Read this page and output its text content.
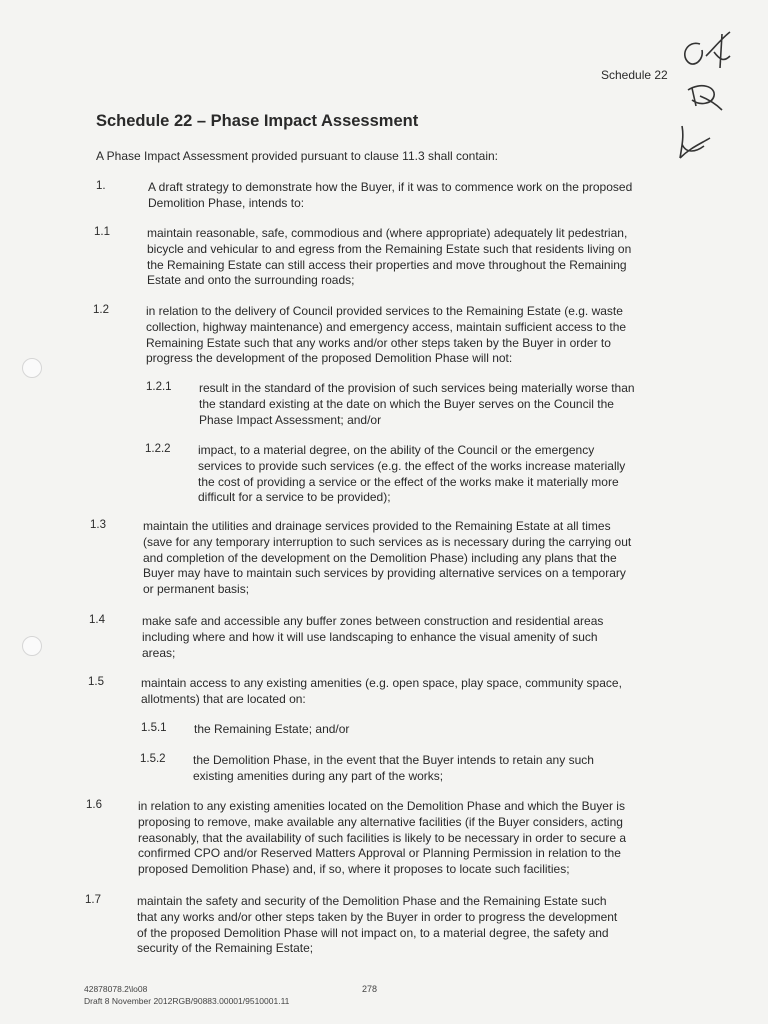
Schedule 22
Schedule 22 – Phase Impact Assessment
A Phase Impact Assessment provided pursuant to clause 11.3 shall contain:
1.	A draft strategy to demonstrate how the Buyer, if it was to commence work on the proposed
Demolition Phase, intends to:
1.1	maintain reasonable, safe, commodious and (where appropriate) adequately lit pedestrian,
bicycle and vehicular to and egress from the Remaining Estate such that residents living on
the Remaining Estate can still access their properties and move throughout the Remaining
Estate and onto the surrounding roads;
1.2	in relation to the delivery of Council provided services to the Remaining Estate (e.g. waste
collection, highway maintenance) and emergency access, maintain sufficient access to the
Remaining Estate such that any works and/or other steps taken by the Buyer in order to
progress the development of the proposed Demolition Phase will not:
1.2.1 result in the standard of the provision of such services being materially worse than
the standard existing at the date on which the Buyer serves on the Council the
Phase Impact Assessment; and/or
1.2.2 impact, to a material degree, on the ability of the Council or the emergency
services to provide such services (e.g. the effect of the works increase materially
the cost of providing a service or the effect of the works make it materially more
difficult for a service to be provided);
1.3	maintain the utilities and drainage services provided to the Remaining Estate at all times
(save for any temporary interruption to such services as is necessary during the carrying out
and completion of the development on the Demolition Phase) including any plans that the
Buyer may have to maintain such services by providing alternative services on a temporary
or permanent basis;
1.4	make safe and accessible any buffer zones between construction and residential areas
including where and how it will use landscaping to enhance the visual amenity of such
areas;
1.5	maintain access to any existing amenities (e.g. open space, play space, community space,
allotments) that are located on:
1.5.1 the Remaining Estate; and/or
1.5.2 the Demolition Phase, in the event that the Buyer intends to retain any such
existing amenities during any part of the works;
1.6	in relation to any existing amenities located on the Demolition Phase and which the Buyer is
proposing to remove, make available any alternative facilities (if the Buyer considers, acting
reasonably, that the availability of such facilities is likely to be necessary in order to secure a
confirmed CPO and/or Reserved Matters Approval or Planning Permission in relation to the
proposed Demolition Phase) and, if so, where it proposes to locate such facilities;
1.7	maintain the safety and security of the Demolition Phase and the Remaining Estate such
that any works and/or other steps taken by the Buyer in order to progress the development
of the proposed Demolition Phase will not impact on, to a material degree, the safety and
security of the Remaining Estate;
42878078.2\lo08
Draft 8 November 2012RGB/90883.00001/9510001.11
278
